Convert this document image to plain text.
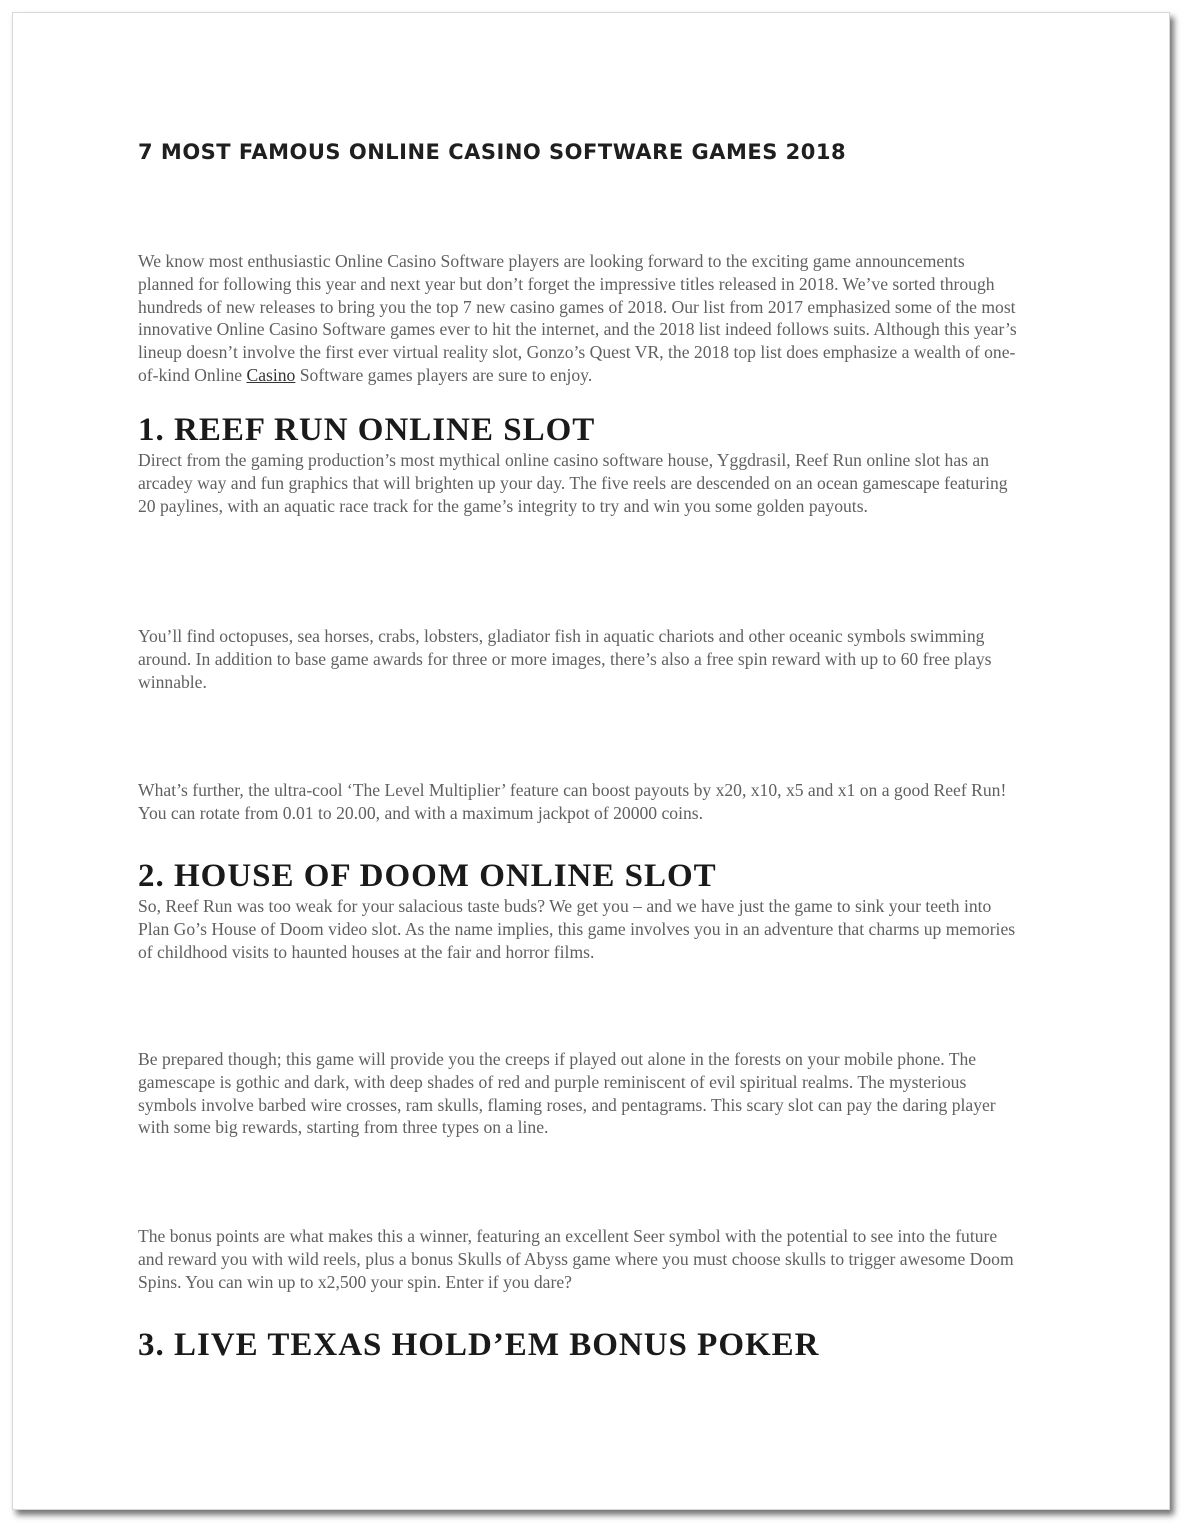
7 MOST FAMOUS ONLINE CASINO SOFTWARE GAMES 2018

We know most enthusiastic Online Casino Software players are looking forward to the exciting game announcements planned for following this year and next year but don’t forget the impressive titles released in 2018. We’ve sorted through hundreds of new releases to bring you the top 7 new casino games of 2018. Our list from 2017 emphasized some of the most innovative Online Casino Software games ever to hit the internet, and the 2018 list indeed follows suits. Although this year’s lineup doesn’t involve the first ever virtual reality slot, Gonzo’s Quest VR, the 2018 top list does emphasize a wealth of one-of-kind Online Casino Software games players are sure to enjoy.

1. REEF RUN ONLINE SLOT

Direct from the gaming production’s most mythical online casino software house, Yggdrasil, Reef Run online slot has an arcadey way and fun graphics that will brighten up your day. The five reels are descended on an ocean gamescape featuring 20 paylines, with an aquatic race track for the game’s integrity to try and win you some golden payouts.

You’ll find octopuses, sea horses, crabs, lobsters, gladiator fish in aquatic chariots and other oceanic symbols swimming around. In addition to base game awards for three or more images, there’s also a free spin reward with up to 60 free plays winnable.

What’s further, the ultra-cool ‘The Level Multiplier’ feature can boost payouts by x20, x10, x5 and x1 on a good Reef Run! You can rotate from 0.01 to 20.00, and with a maximum jackpot of 20000 coins.

2. HOUSE OF DOOM ONLINE SLOT

So, Reef Run was too weak for your salacious taste buds? We get you – and we have just the game to sink your teeth into Plan Go’s House of Doom video slot. As the name implies, this game involves you in an adventure that charms up memories of childhood visits to haunted houses at the fair and horror films.

Be prepared though; this game will provide you the creeps if played out alone in the forests on your mobile phone. The gamescape is gothic and dark, with deep shades of red and purple reminiscent of evil spiritual realms. The mysterious symbols involve barbed wire crosses, ram skulls, flaming roses, and pentagrams. This scary slot can pay the daring player with some big rewards, starting from three types on a line.

The bonus points are what makes this a winner, featuring an excellent Seer symbol with the potential to see into the future and reward you with wild reels, plus a bonus Skulls of Abyss game where you must choose skulls to trigger awesome Doom Spins. You can win up to x2,500 your spin. Enter if you dare?

3. LIVE TEXAS HOLD’EM BONUS POKER
